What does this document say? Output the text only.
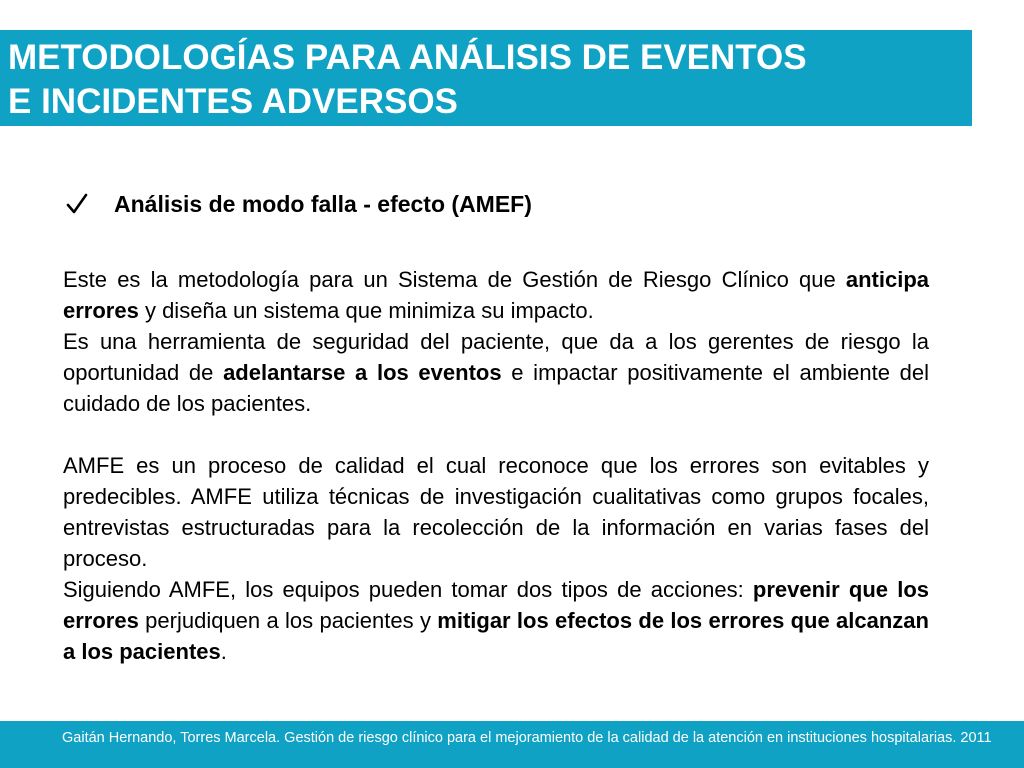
METODOLOGÍAS PARA ANÁLISIS DE EVENTOS
E INCIDENTES ADVERSOS
Análisis de modo falla - efecto (AMEF)

Este es la metodología para un Sistema de Gestión de Riesgo Clínico que anticipa errores y diseña un sistema que minimiza su impacto.

Es una herramienta de seguridad del paciente, que da a los gerentes de riesgo la oportunidad de adelantarse a los eventos e impactar positivamente el ambiente del cuidado de los pacientes.

AMFE es un proceso de calidad el cual reconoce que los errores son evitables y predecibles. AMFE utiliza técnicas de investigación cualitativas como grupos focales, entrevistas estructuradas para la recolección de la información en varias fases del proceso.

Siguiendo AMFE, los equipos pueden tomar dos tipos de acciones: prevenir que los errores perjudiquen a los pacientes y mitigar los efectos de los errores que alcanzan a los pacientes.

Gaitán Hernando, Torres Marcela. Gestión de riesgo clínico para el mejoramiento de la calidad de la atención en instituciones hospitalarias. 2011
